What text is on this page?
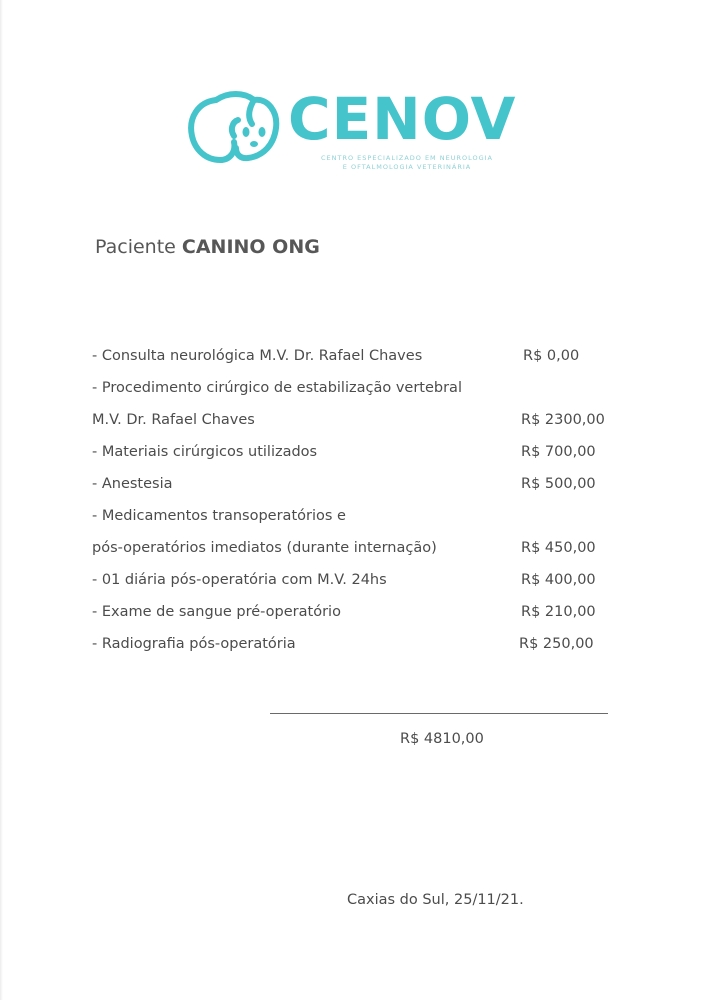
CENOV
CENTRO ESPECIALIZADO EM NEUROLOGIA
E OFTALMOLOGIA VETERINÁRIA
Paciente CANINO ONG
- Consulta neurológica M.V. Dr. Rafael Chaves	R$ 0,00
- Procedimento cirúrgico de estabilização vertebral
M.V. Dr. Rafael Chaves	R$ 2300,00
- Materiais cirúrgicos utilizados	R$ 700,00
- Anestesia	R$ 500,00
- Medicamentos transoperatórios e
pós-operatórios imediatos (durante internação)	R$ 450,00
- 01 diária pós-operatória com M.V. 24hs	R$ 400,00
- Exame de sangue pré-operatório	R$ 210,00
- Radiografia pós-operatória	R$ 250,00
R$ 4810,00
Caxias do Sul, 25/11/21.
